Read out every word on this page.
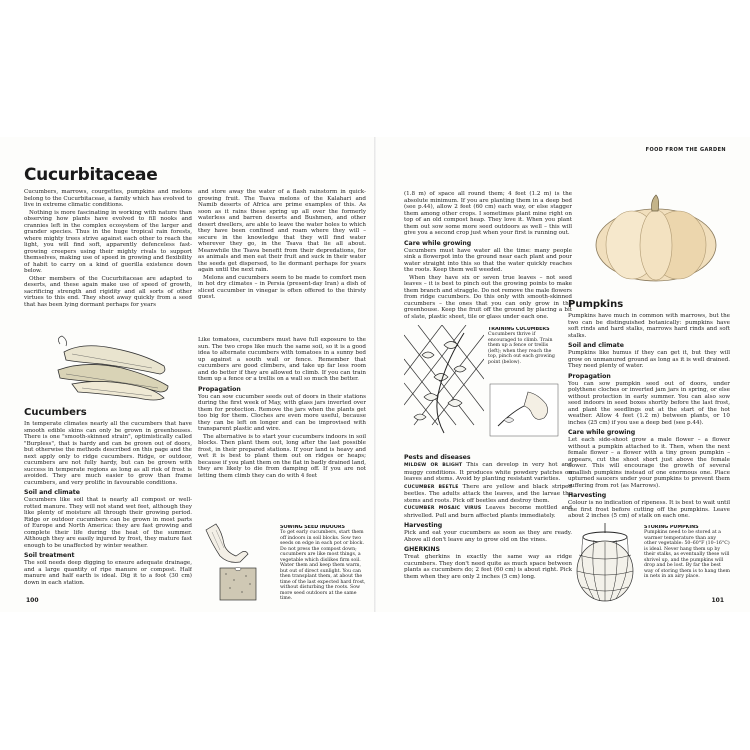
Cucurbitaceae

Cucumbers, marrows, courgettes, pumpkins and melons belong to the Cucurbitaceae, a family which has evolved to live in extreme climatic conditions.

Nothing is more fascinating in working with nature than observing how plants have evolved to fill nooks and crannies left in the complex ecosystem of the larger and grander species. Thus in the huge tropical rain forests, where mighty trees strive against each other to reach the light, you will find soft, apparently defenceless fast-growing creepers using their mighty rivals to support themselves, making use of speed in growing and flexibility of habit to carry on a kind of guerilla existence down below.

Other members of the Cucurbitaceae are adapted to deserts, and these again make use of speed of growth, sacrificing strength and rigidity and all sorts of other virtues to this end. They shoot away quickly from a seed that has been lying dormant perhaps for years

and store away the water of a flash rainstorm in quick-growing fruit. The Tsava melons of the Kalahari and Namib deserts of Africa are prime examples of this. As soon as it rains these spring up all over the formerly waterless and barren deserts and Bushmen, and other desert dwellers, are able to leave the water holes to which they have been confined and roam where they will – secure in the knowledge that they will find water wherever they go, in the Tsava that lie all about. Meanwhile the Tsava benefit from their depredations, for as animals and men eat their fruit and suck in their water the seeds get dispersed, to lie dormant perhaps for years again until the next rain.

Melons and cucumbers seem to be made to comfort men in hot dry climates – in Persia (present-day Iran) a dish of sliced cucumber in vinegar is often offered to the thirsty guest.

Cucumbers

In temperate climates nearly all the cucumbers that have smooth edible skins can only be grown in greenhouses. There is one "smooth-skinned strain", optimistically called "Burpless", that is hardy and can be grown out of doors, but otherwise the methods described on this page and the next apply only to ridge cucumbers. Ridge, or outdoor, cucumbers are not fully hardy, but can be grown with success in temperate regions as long as all risk of frost is avoided. They are much easier to grow than frame cucumbers, and very prolific in favourable conditions.

Soil and climate

Cucumbers like soil that is nearly all compost or well-rotted manure. They will not stand wet feet, although they like plenty of moisture all through their growing period. Ridge or outdoor cucumbers can be grown in most parts of Europe and North America: they are fast growing and complete their life during the heat of the summer. Although they are easily injured by frost, they mature fast enough to be unaffected by winter weather.

Soil treatment

The soil needs deep digging to ensure adequate drainage, and a large quantity of ripe manure or compost. Half manure and half earth is ideal. Dig it to a foot (30 cm) down in each station.

Like tomatoes, cucumbers must have full exposure to the sun. The two crops like much the same soil, so it is a good idea to alternate cucumbers with tomatoes in a sunny bed up against a south wall or fence. Remember that cucumbers are good climbers, and take up far less room and do better if they are allowed to climb. If you can train them up a fence or a trellis on a wall so much the better.

Propagation

You can sow cucumber seeds out of doors in their stations during the first week of May, with glass jars inverted over them for protection. Remove the jars when the plants get too big for them. Cloches are even more useful, because they can be left on longer and can be improvised with transparent plastic and wire.

The alternative is to start your cucumbers indoors in soil blocks. Then plant them out, long after the last possible frost, in their prepared stations. If your land is heavy and wet it is best to plant them out on ridges or heaps; because if you plant them on the flat in badly drained land, they are likely to die from damping off. If you are not letting them climb they can do with 4 feet

SOWING SEED INDOORS
To get early cucumbers, start them off indoors in soil blocks. Sow two seeds on edge in each pot or block. Do not press the compost down; cucumbers are like most things, a vegetable which dislikes firm soil. Water them and keep them warm, but out of direct sunlight. You can then transplant them, at about the time of the last expected hard frost, without disturbing the roots. Sow more seed outdoors at the same time.
100
FOOD FROM THE GARDEN

(1.8 m) of space all round them; 4 feet (1.2 m) is the absolute minimum. If you are planting them in a deep bed (see p.44), allow 2 feet (60 cm) each way, or else stagger them among other crops. I sometimes plant mine right on top of an old compost heap. They love it. When you plant them out sow some more seed outdoors as well – this will give you a second crop just when your first is running out.

Care while growing

Cucumbers must have water all the time: many people sink a flowerpot into the ground near each plant and pour water straight into this so that the water quickly reaches the roots. Keep them well weeded.

When they have six or seven true leaves – not seed leaves – it is best to pinch out the growing points to make them branch and straggle. Do not remove the male flowers from ridge cucumbers. Do this only with smooth-skinned cucumbers – the ones that you can only grow in the greenhouse. Keep the fruit off the ground by placing a bit of slate, plastic sheet, tile or glass under each one.

TRAINING CUCUMBERS
Cucumbers thrive if encouraged to climb. Train them up a fence or trellis (left); when they reach the top, pinch out each growing point (below).
Pests and diseases

MILDEW OR BLIGHT This can develop in very hot and muggy conditions. It produces white powdery patches on leaves and stems. Avoid by planting resistant varieties.

CUCUMBER BEETLE There are yellow and black striped beetles. The adults attack the leaves, and the larvae the stems and roots. Pick off beetles and destroy them.

CUCUMBER MOSAIC VIRUS Leaves become mottled and shrivelled. Pull and burn affected plants immediately.

Harvesting

Pick and eat your cucumbers as soon as they are ready. Above all don't leave any to grow old on the vines.

GHERKINS

Treat gherkins in exactly the same way as ridge cucumbers. They don't need quite as much space between plants as cucumbers do; 2 feet (60 cm) is about right. Pick them when they are only 2 inches (5 cm) long.

Pumpkins

Pumpkins have much in common with marrows, but the two can be distinguished botanically: pumpkins have soft rinds and hard stalks, marrows hard rinds and soft stalks.

Soil and climate

Pumpkins like humus if they can get it, but they will grow on unmanured ground as long as it is well drained. They need plenty of water.

Propagation

You can sow pumpkin seed out of doors, under polythene cloches or inverted jam jars in spring, or else without protection in early summer. You can also sow seed indoors in seed boxes shortly before the last frost, and plant the seedlings out at the start of the hot weather. Allow 4 feet (1.2 m) between plants, or 10 inches (25 cm) if you use a deep bed (see p.44).

Care while growing

Let each side-shoot grow a male flower – a flower without a pumpkin attached to it. Then, when the next female flower – a flower with a tiny green pumpkin – appears, cut the shoot short just above the female flower. This will encourage the growth of several smallish pumpkins instead of one enormous one. Place upturned saucers under your pumpkins to prevent them suffering from rot (as Marrows).

Harvesting

Colour is no indication of ripeness. It is best to wait until the first frost before cutting off the pumpkins. Leave about 2 inches (5 cm) of stalk on each one.

STORING PUMPKINS
Pumpkins need to be stored at a warmer temperature than any other vegetable: 50–60°F (10–16°C) is ideal. Never hang them up by their stalks, as eventually these will shrivel up, and the pumpkins will drop and be lost. By far the best way of storing them is to hang them in nets in an airy place.
101
